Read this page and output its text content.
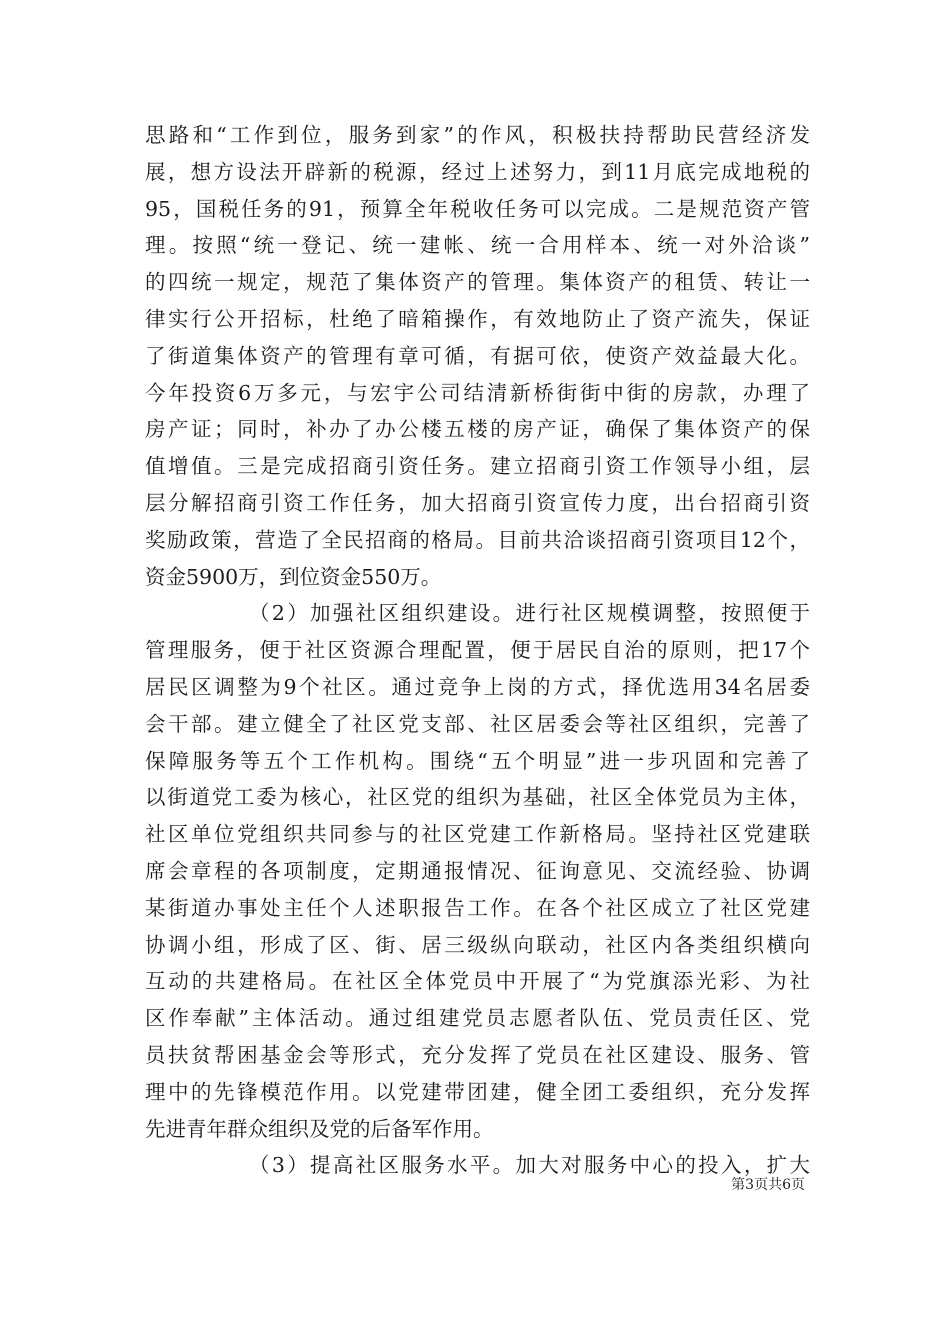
思路和“工作到位，服务到家”的作风，积极扶持帮助民营经济发
展，想方设法开辟新的税源，经过上述努力，到11月底完成地税的
95，国税任务的91，预算全年税收任务可以完成。二是规范资产管
理。按照“统一登记、统一建帐、统一合用样本、统一对外洽谈”
的四统一规定，规范了集体资产的管理。集体资产的租赁、转让一
律实行公开招标，杜绝了暗箱操作，有效地防止了资产流失，保证
了街道集体资产的管理有章可循，有据可依，使资产效益最大化。
今年投资6万多元，与宏宇公司结清新桥街街中街的房款，办理了
房产证；同时，补办了办公楼五楼的房产证，确保了集体资产的保
值增值。三是完成招商引资任务。建立招商引资工作领导小组，层
层分解招商引资工作任务，加大招商引资宣传力度，出台招商引资
奖励政策，营造了全民招商的格局。目前共洽谈招商引资项目12个，
资金5900万，到位资金550万。
（2）加强社区组织建设。进行社区规模调整，按照便于
管理服务，便于社区资源合理配置，便于居民自治的原则，把17个
居民区调整为9个社区。通过竞争上岗的方式，择优选用34名居委
会干部。建立健全了社区党支部、社区居委会等社区组织，完善了
保障服务等五个工作机构。围绕“五个明显”进一步巩固和完善了
以街道党工委为核心，社区党的组织为基础，社区全体党员为主体，
社区单位党组织共同参与的社区党建工作新格局。坚持社区党建联
席会章程的各项制度，定期通报情况、征询意见、交流经验、协调
某街道办事处主任个人述职报告工作。在各个社区成立了社区党建
协调小组，形成了区、街、居三级纵向联动，社区内各类组织横向
互动的共建格局。在社区全体党员中开展了“为党旗添光彩、为社
区作奉献”主体活动。通过组建党员志愿者队伍、党员责任区、党
员扶贫帮困基金会等形式，充分发挥了党员在社区建设、服务、管
理中的先锋模范作用。以党建带团建，健全团工委组织，充分发挥
先进青年群众组织及党的后备军作用。
（3）提高社区服务水平。加大对服务中心的投入，扩大
第3页共6页
